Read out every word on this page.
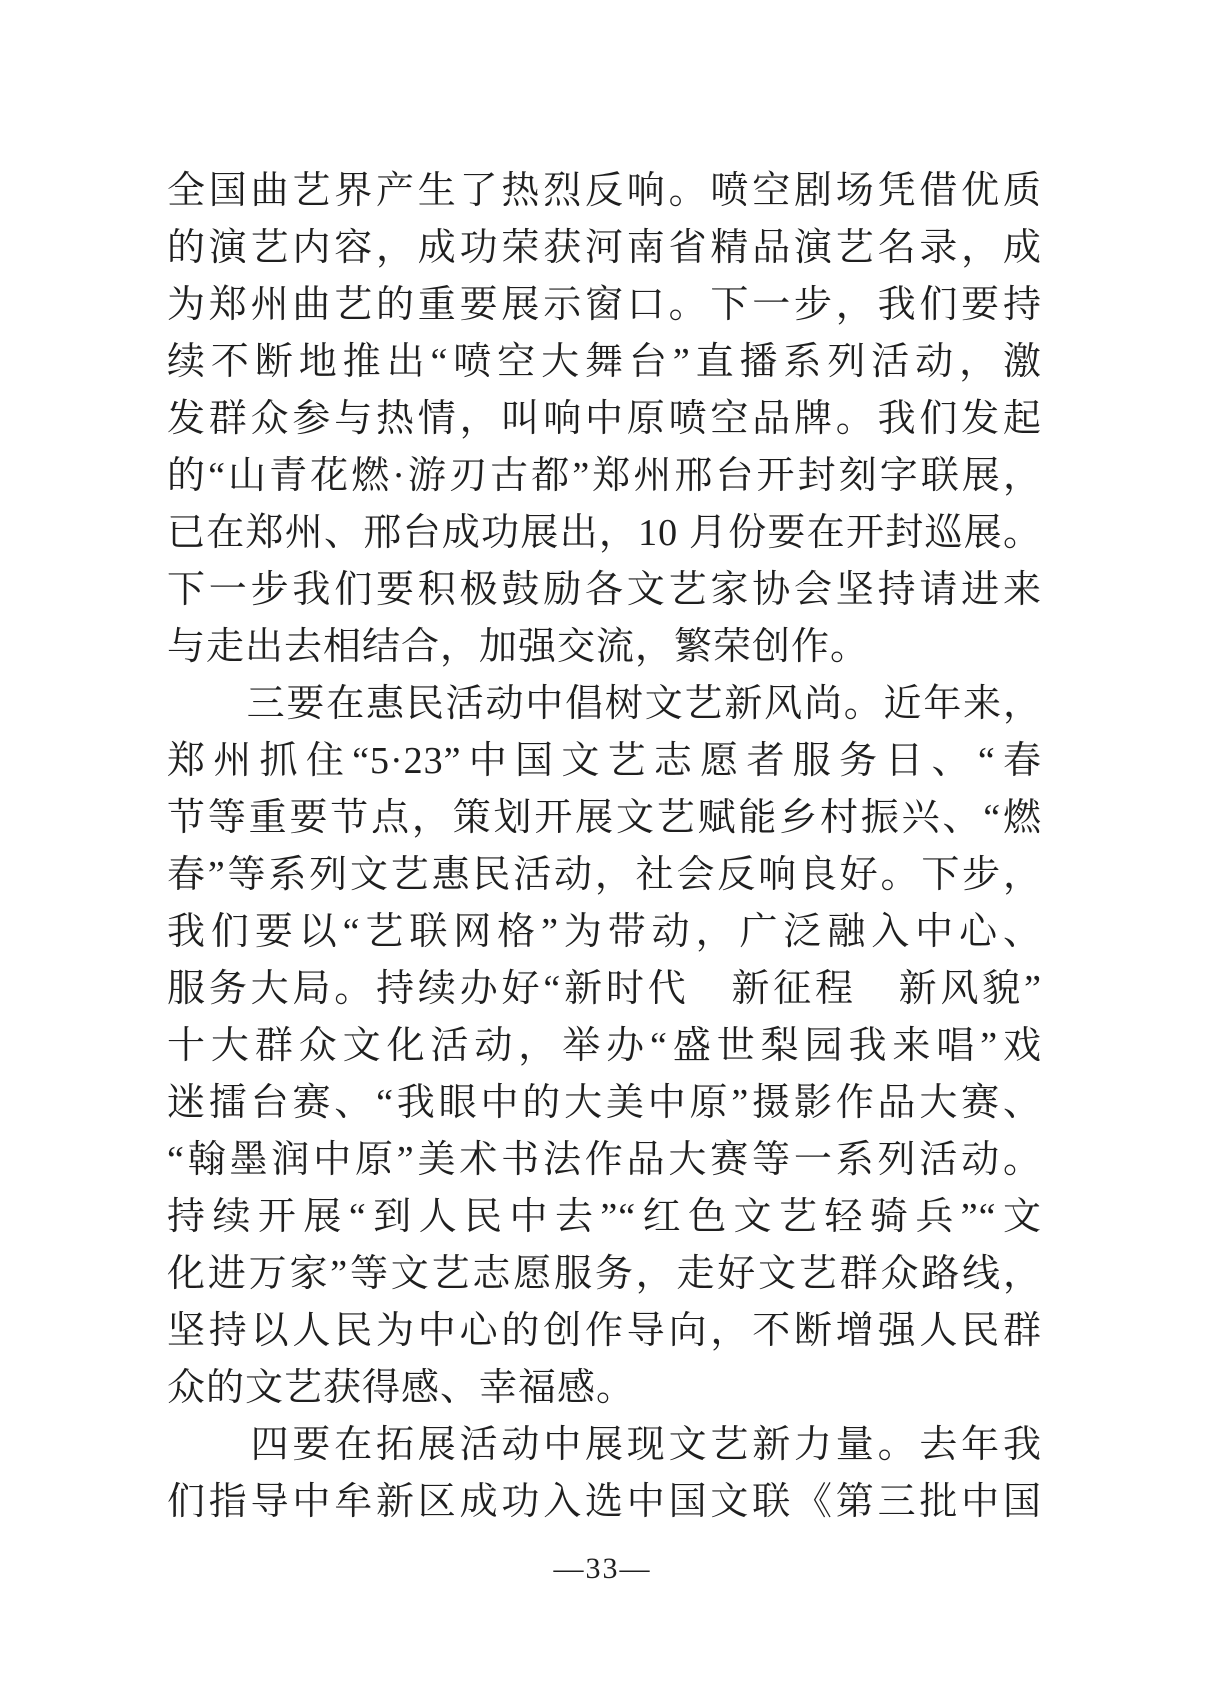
全国曲艺界产生了热烈反响。喷空剧场凭借优质
的演艺内容，成功荣获河南省精品演艺名录，成
为郑州曲艺的重要展示窗口。下一步，我们要持
续不断地推出“喷空大舞台”直播系列活动，激
发群众参与热情，叫响中原喷空品牌。我们发起
的“山青花燃·游刃古都”郑州邢台开封刻字联展，
已在郑州、邢台成功展出，10 月份要在开封巡展。
下一步我们要积极鼓励各文艺家协会坚持请进来
与走出去相结合，加强交流，繁荣创作。
　　三要在惠民活动中倡树文艺新风尚。近年来，
郑州抓住“5·23”中国文艺志愿者服务日、“春
节等重要节点，策划开展文艺赋能乡村振兴、“燃
春”等系列文艺惠民活动，社会反响良好。下步，
我们要以“艺联网格”为带动，广泛融入中心、
服务大局。持续办好“新时代　新征程　新风貌”
十大群众文化活动，举办“盛世梨园我来唱”戏
迷擂台赛、“我眼中的大美中原”摄影作品大赛、
“翰墨润中原”美术书法作品大赛等一系列活动。
持续开展“到人民中去”“红色文艺轻骑兵”“文
化进万家”等文艺志愿服务，走好文艺群众路线，
坚持以人民为中心的创作导向，不断增强人民群
众的文艺获得感、幸福感。
　　四要在拓展活动中展现文艺新力量。去年我
们指导中牟新区成功入选中国文联《第三批中国
—33—
